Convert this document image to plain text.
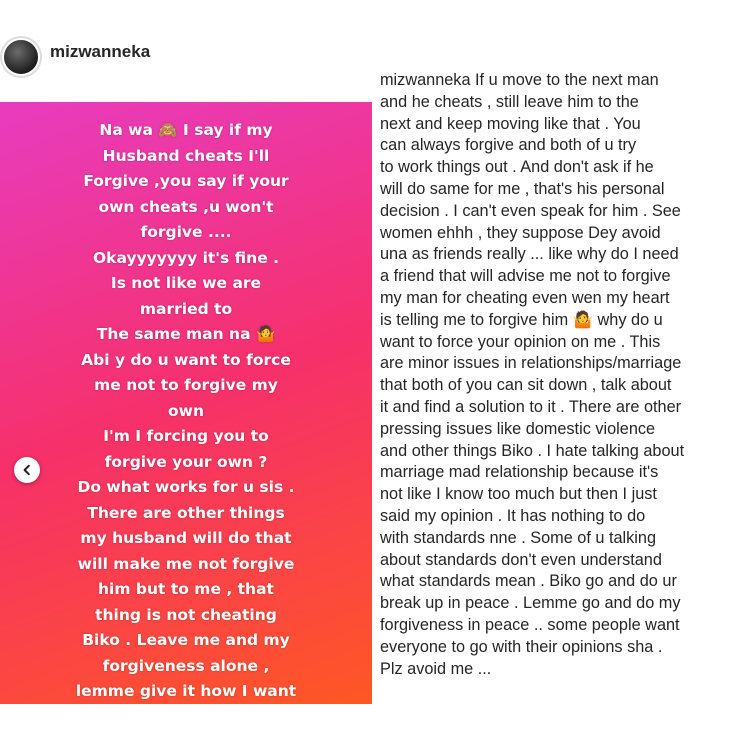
mizwanneka
Na wa 🙈 I say if my
Husband cheats I'll
Forgive ,you say if your
own cheats ,u won't
forgive ....
Okayyyyyyy it's fine .
Is not like we are
married to
The same man na 🤷
Abi y do u want to force
me not to forgive my
own
I'm I forcing you to
forgive your own ?
Do what works for u sis .
There are other things
my husband will do that
will make me not forgive
him but to me , that
thing is not cheating
Biko . Leave me and my
forgiveness alone ,
lemme give it how I want
mizwanneka If u move to the next man
and he cheats , still leave him to the
next and keep moving like that . You
can always forgive and both of u try
to work things out . And don't ask if he
will do same for me , that's his personal
decision . I can't even speak for him . See
women ehhh , they suppose Dey avoid
una as friends really ... like why do I need
a friend that will advise me not to forgive
my man for cheating even wen my heart
is telling me to forgive him 🤷 why do u
want to force your opinion on me . This
are minor issues in relationships/marriage
that both of you can sit down , talk about
it and find a solution to it . There are other
pressing issues like domestic violence
and other things Biko . I hate talking about
marriage mad relationship because it's
not like I know too much but then I just
said my opinion . It has nothing to do
with standards nne . Some of u talking
about standards don't even understand
what standards mean . Biko go and do ur
break up in peace . Lemme go and do my
forgiveness in peace .. some people want
everyone to go with their opinions sha .
Plz avoid me ...
